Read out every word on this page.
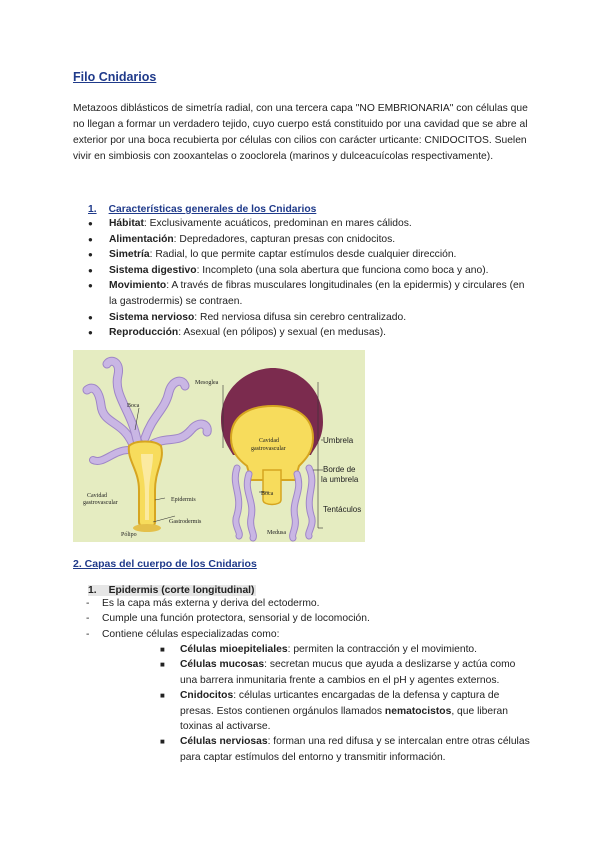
Filo Cnidarios
Metazoos diblásticos de simetría radial, con una tercera capa "NO EMBRIONARIA" con células que no llegan a formar un verdadero tejido, cuyo cuerpo está constituido por una cavidad que se abre al exterior por una boca recubierta por células con cilios con carácter urticante: CNIDOCITOS. Suelen vivir en simbiosis con zooxantelas o zooclorela (marinos y dulceacuícolas respectivamente).
1. Características generales de los Cnidarios
● Hábitat: Exclusivamente acuáticos, predominan en mares cálidos.
● Alimentación: Depredadores, capturan presas con cnidocitos.
● Simetría: Radial, lo que permite captar estímulos desde cualquier dirección.
● Sistema digestivo: Incompleto (una sola abertura que funciona como boca y ano).
● Movimiento: A través de fibras musculares longitudinales (en la epidermis) y circulares (en la gastrodermis) se contraen.
● Sistema nervioso: Red nerviosa difusa sin cerebro centralizado.
● Reproducción: Asexual (en pólipos) y sexual (en medusas).
Mesoglea
Boca
Cavidad
gastrovascular	Epidermis
Gastrodermis
Pólipo
Cavidad
gastrovascular
Boca
Medusa
Umbrela
Borde de
la umbrela
Tentáculos
2. Capas del cuerpo de los Cnidarios
1. Epidermis (corte longitudinal)
- Es la capa más externa y deriva del ectodermo.
- Cumple una función protectora, sensorial y de locomoción.
- Contiene células especializadas como:
■ Células mioepiteliales: permiten la contracción y el movimiento.
■ Células mucosas: secretan mucus que ayuda a deslizarse y actúa como una barrera inmunitaria frente a cambios en el pH y agentes externos.
■ Cnidocitos: células urticantes encargadas de la defensa y captura de presas. Estos contienen orgánulos llamados nematocistos, que liberan toxinas al activarse.
■ Células nerviosas: forman una red difusa y se intercalan entre otras células para captar estímulos del entorno y transmitir información.
